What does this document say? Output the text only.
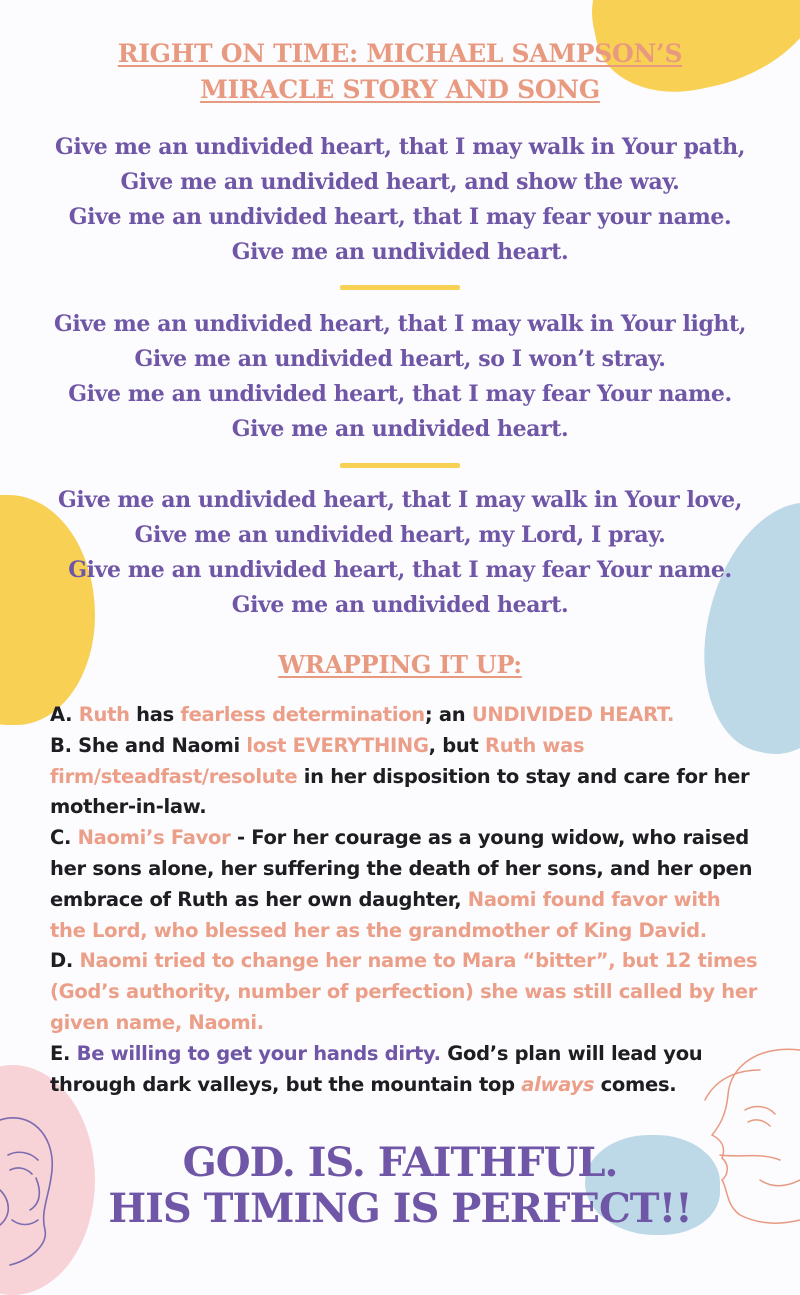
RIGHT ON TIME: MICHAEL SAMPSON’S
MIRACLE STORY AND SONG
Give me an undivided heart, that I may walk in Your path,
Give me an undivided heart, and show the way.
Give me an undivided heart, that I may fear your name.
Give me an undivided heart.
Give me an undivided heart, that I may walk in Your light,
Give me an undivided heart, so I won’t stray.
Give me an undivided heart, that I may fear Your name.
Give me an undivided heart.
Give me an undivided heart, that I may walk in Your love,
Give me an undivided heart, my Lord, I pray.
Give me an undivided heart, that I may fear Your name.
Give me an undivided heart.
WRAPPING IT UP:

A. Ruth has fearless determination; an UNDIVIDED HEART.

B. She and Naomi lost EVERYTHING, but Ruth was firm/steadfast/resolute in her disposition to stay and care for her mother-in-law.

C. Naomi’s Favor - For her courage as a young widow, who raised her sons alone, her suffering the death of her sons, and her open embrace of Ruth as her own daughter, Naomi found favor with the Lord, who blessed her as the grandmother of King David.

D. Naomi tried to change her name to Mara “bitter”, but 12 times (God’s authority, number of perfection) she was still called by her given name, Naomi.

E. Be willing to get your hands dirty. God’s plan will lead you through dark valleys, but the mountain top always comes.

GOD. IS. FAITHFUL.
HIS TIMING IS PERFECT!!
